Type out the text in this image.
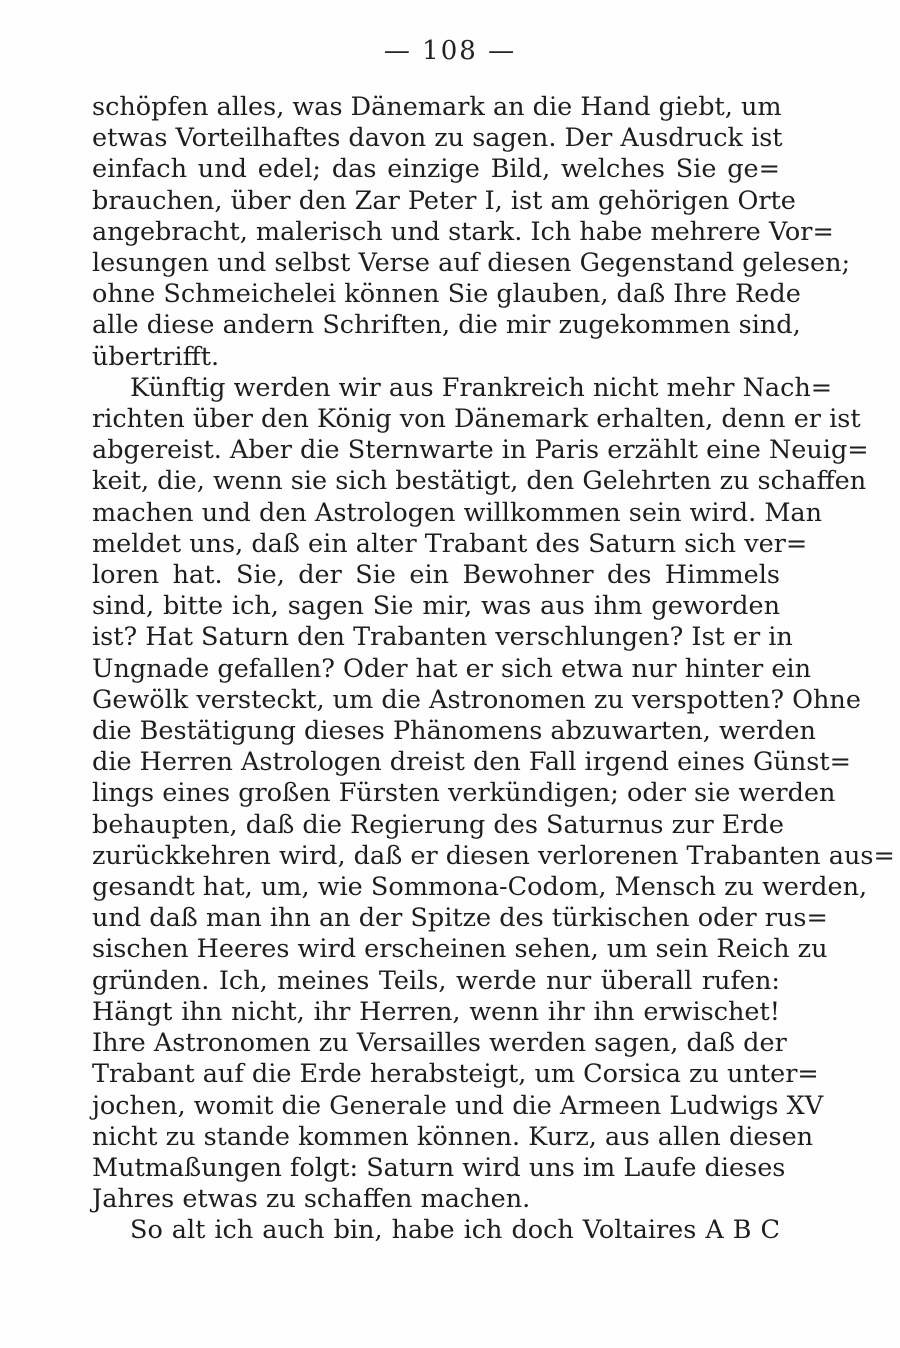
— 108 —

schöpfen alles, was Dänemark an die Hand giebt, um
etwas Vorteilhaftes davon zu sagen. Der Ausdruck ist
einfach und edel; das einzige Bild, welches Sie ge=
brauchen, über den Zar Peter I, ist am gehörigen Orte
angebracht, malerisch und stark. Ich habe mehrere Vor=
lesungen und selbst Verse auf diesen Gegenstand gelesen;
ohne Schmeichelei können Sie glauben, daß Ihre Rede
alle diese andern Schriften, die mir zugekommen sind,
übertrifft.

Künftig werden wir aus Frankreich nicht mehr Nach=
richten über den König von Dänemark erhalten, denn er ist
abgereist. Aber die Sternwarte in Paris erzählt eine Neuig=
keit, die, wenn sie sich bestätigt, den Gelehrten zu schaffen
machen und den Astrologen willkommen sein wird. Man
meldet uns, daß ein alter Trabant des Saturn sich ver=
loren hat. Sie, der Sie ein Bewohner des Himmels
sind, bitte ich, sagen Sie mir, was aus ihm geworden
ist? Hat Saturn den Trabanten verschlungen? Ist er in
Ungnade gefallen? Oder hat er sich etwa nur hinter ein
Gewölk versteckt, um die Astronomen zu verspotten? Ohne
die Bestätigung dieses Phänomens abzuwarten, werden
die Herren Astrologen dreist den Fall irgend eines Günst=
lings eines großen Fürsten verkündigen; oder sie werden
behaupten, daß die Regierung des Saturnus zur Erde
zurückkehren wird, daß er diesen verlorenen Trabanten aus=
gesandt hat, um, wie Sommona-Codom, Mensch zu werden,
und daß man ihn an der Spitze des türkischen oder rus=
sischen Heeres wird erscheinen sehen, um sein Reich zu
gründen. Ich, meines Teils, werde nur überall rufen:
Hängt ihn nicht, ihr Herren, wenn ihr ihn erwischet!
Ihre Astronomen zu Versailles werden sagen, daß der
Trabant auf die Erde herabsteigt, um Corsica zu unter=
jochen, womit die Generale und die Armeen Ludwigs XV
nicht zu stande kommen können. Kurz, aus allen diesen
Mutmaßungen folgt: Saturn wird uns im Laufe dieses
Jahres etwas zu schaffen machen.

So alt ich auch bin, habe ich doch Voltaires A B C
